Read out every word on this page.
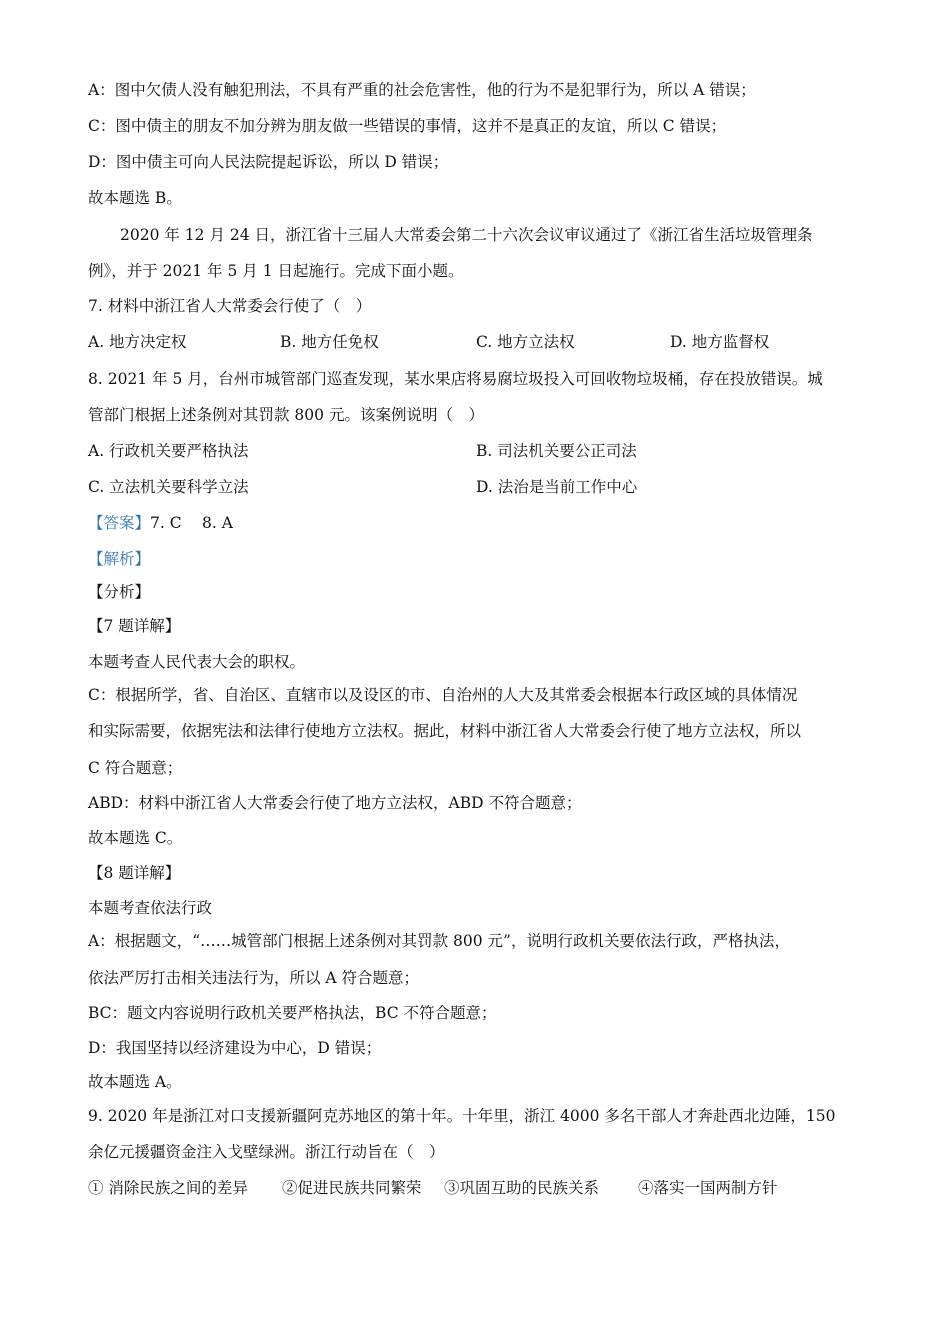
A：图中欠债人没有触犯刑法，不具有严重的社会危害性，他的行为不是犯罪行为，所以 A 错误；
C：图中债主的朋友不加分辨为朋友做一些错误的事情，这并不是真正的友谊，所以 C 错误；
D：图中债主可向人民法院提起诉讼，所以 D 错误；
故本题选 B。
2020 年 12 月 24 日，浙江省十三届人大常委会第二十六次会议审议通过了《浙江省生活垃圾管理条
例》，并于 2021 年 5 月 1 日起施行。完成下面小题。
7. 材料中浙江省人大常委会行使了（　）
A. 地方决定权	B. 地方任免权	C. 地方立法权	D. 地方监督权
8. 2021 年 5 月，台州市城管部门巡查发现，某水果店将易腐垃圾投入可回收物垃圾桶，存在投放错误。城
管部门根据上述条例对其罚款 800 元。该案例说明（　）
A. 行政机关要严格执法	B. 司法机关要公正司法
C. 立法机关要科学立法	D. 法治是当前工作中心
【答案】7. C　 8. A
【解析】
【分析】
【7 题详解】
本题考查人民代表大会的职权。
C：根据所学，省、自治区、直辖市以及设区的市、自治州的人大及其常委会根据本行政区域的具体情况
和实际需要，依据宪法和法律行使地方立法权。据此，材料中浙江省人大常委会行使了地方立法权，所以
C 符合题意；
ABD：材料中浙江省人大常委会行使了地方立法权，ABD 不符合题意；
故本题选 C。
【8 题详解】
本题考查依法行政
A：根据题文，“……城管部门根据上述条例对其罚款 800 元”，说明行政机关要依法行政，严格执法，
依法严厉打击相关违法行为，所以 A 符合题意；
BC：题文内容说明行政机关要严格执法，BC 不符合题意；
D：我国坚持以经济建设为中心，D 错误；
故本题选 A。
9. 2020 年是浙江对口支援新疆阿克苏地区的第十年。十年里，浙江 4000 多名干部人才奔赴西北边陲，150
余亿元援疆资金注入戈壁绿洲。浙江行动旨在（　）
① 消除民族之间的差异 ②促进民族共同繁荣 ③巩固互助的民族关系	④落实一国两制方针
